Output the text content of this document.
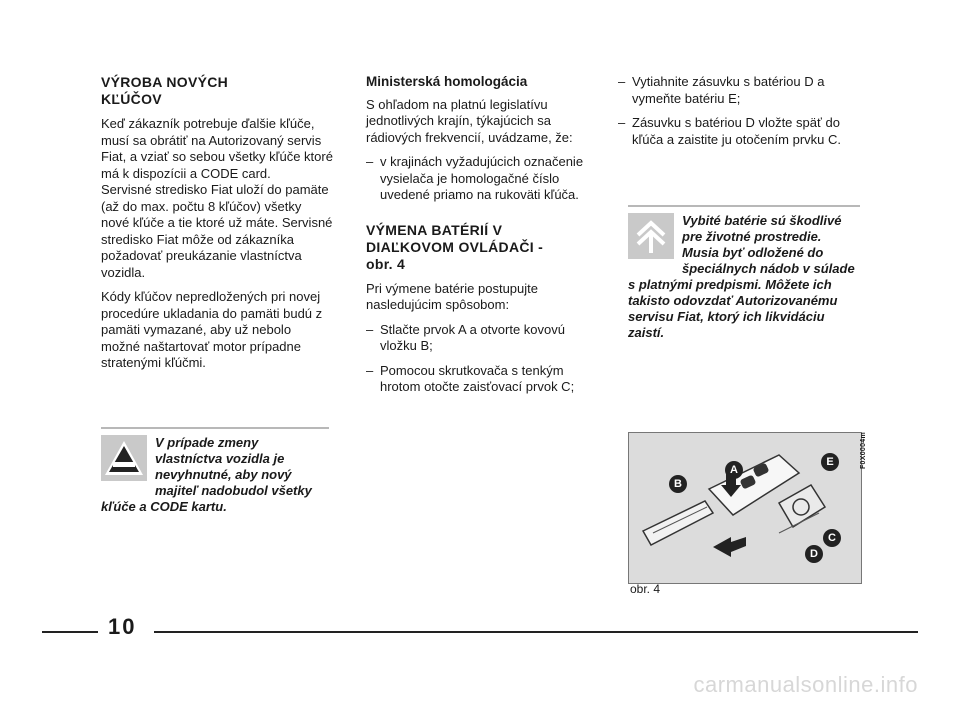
VÝROBA NOVÝCH
KĽÚČOV

Keď zákazník potrebuje ďalšie kľúče, musí sa obrátiť na Autorizovaný servis Fiat, a vziať so sebou všetky kľúče ktoré má k dispozícii a CODE card.

Servisné stredisko Fiat uloží do pamäte (až do max. počtu 8 kľúčov) všetky nové kľúče a tie ktoré už máte. Servisné stredisko Fiat môže od zákazníka požadovať preukázanie vlastníctva vozidla.

Kódy kľúčov nepredložených pri novej procedúre ukladania do pamäti budú z pamäti vymazané, aby už nebolo možné naštartovať motor prípadne stratenými kľúčmi.

V prípade zmeny vlastníctva vozidla je nevyhnutné, aby nový majiteľ nadobudol všetky kľúče a CODE kartu.
Ministerská homologácia

S ohľadom na platnú legislatívu jednotlivých krajín, týkajúcich sa rádiových frekvencií, uvádzame, že:

– v krajinách vyžadujúcich označenie vysielača je homologačné číslo uvedené priamo na rukoväti kľúča.
VÝMENA BATÉRIÍ V
DIAĽKOVOM OVLÁDAČI -
obr. 4

Pri výmene batérie postupujte nasledujúcim spôsobom:

– Stlačte prvok A a otvorte kovovú vložku B;
– Pomocou skrutkovača s tenkým hrotom otočte zaisťovací prvok C;
– Vytiahnite zásuvku s batériou D a vymeňte batériu E;
– Zásuvku s batériou D vložte späť do kľúča a zaistite ju otočením prvku C.
Vybité batérie sú škodlivé pre životné prostredie. Musia byť odložené do špeciálnych nádob v súlade s platnými predpismi. Môžete ich takisto odovzdať Autorizovanému servisu Fiat, ktorý ich likvidáciu zaistí.
A
B
C
D
E	F0X0004m
obr. 4
10
carmanualsonline.info
